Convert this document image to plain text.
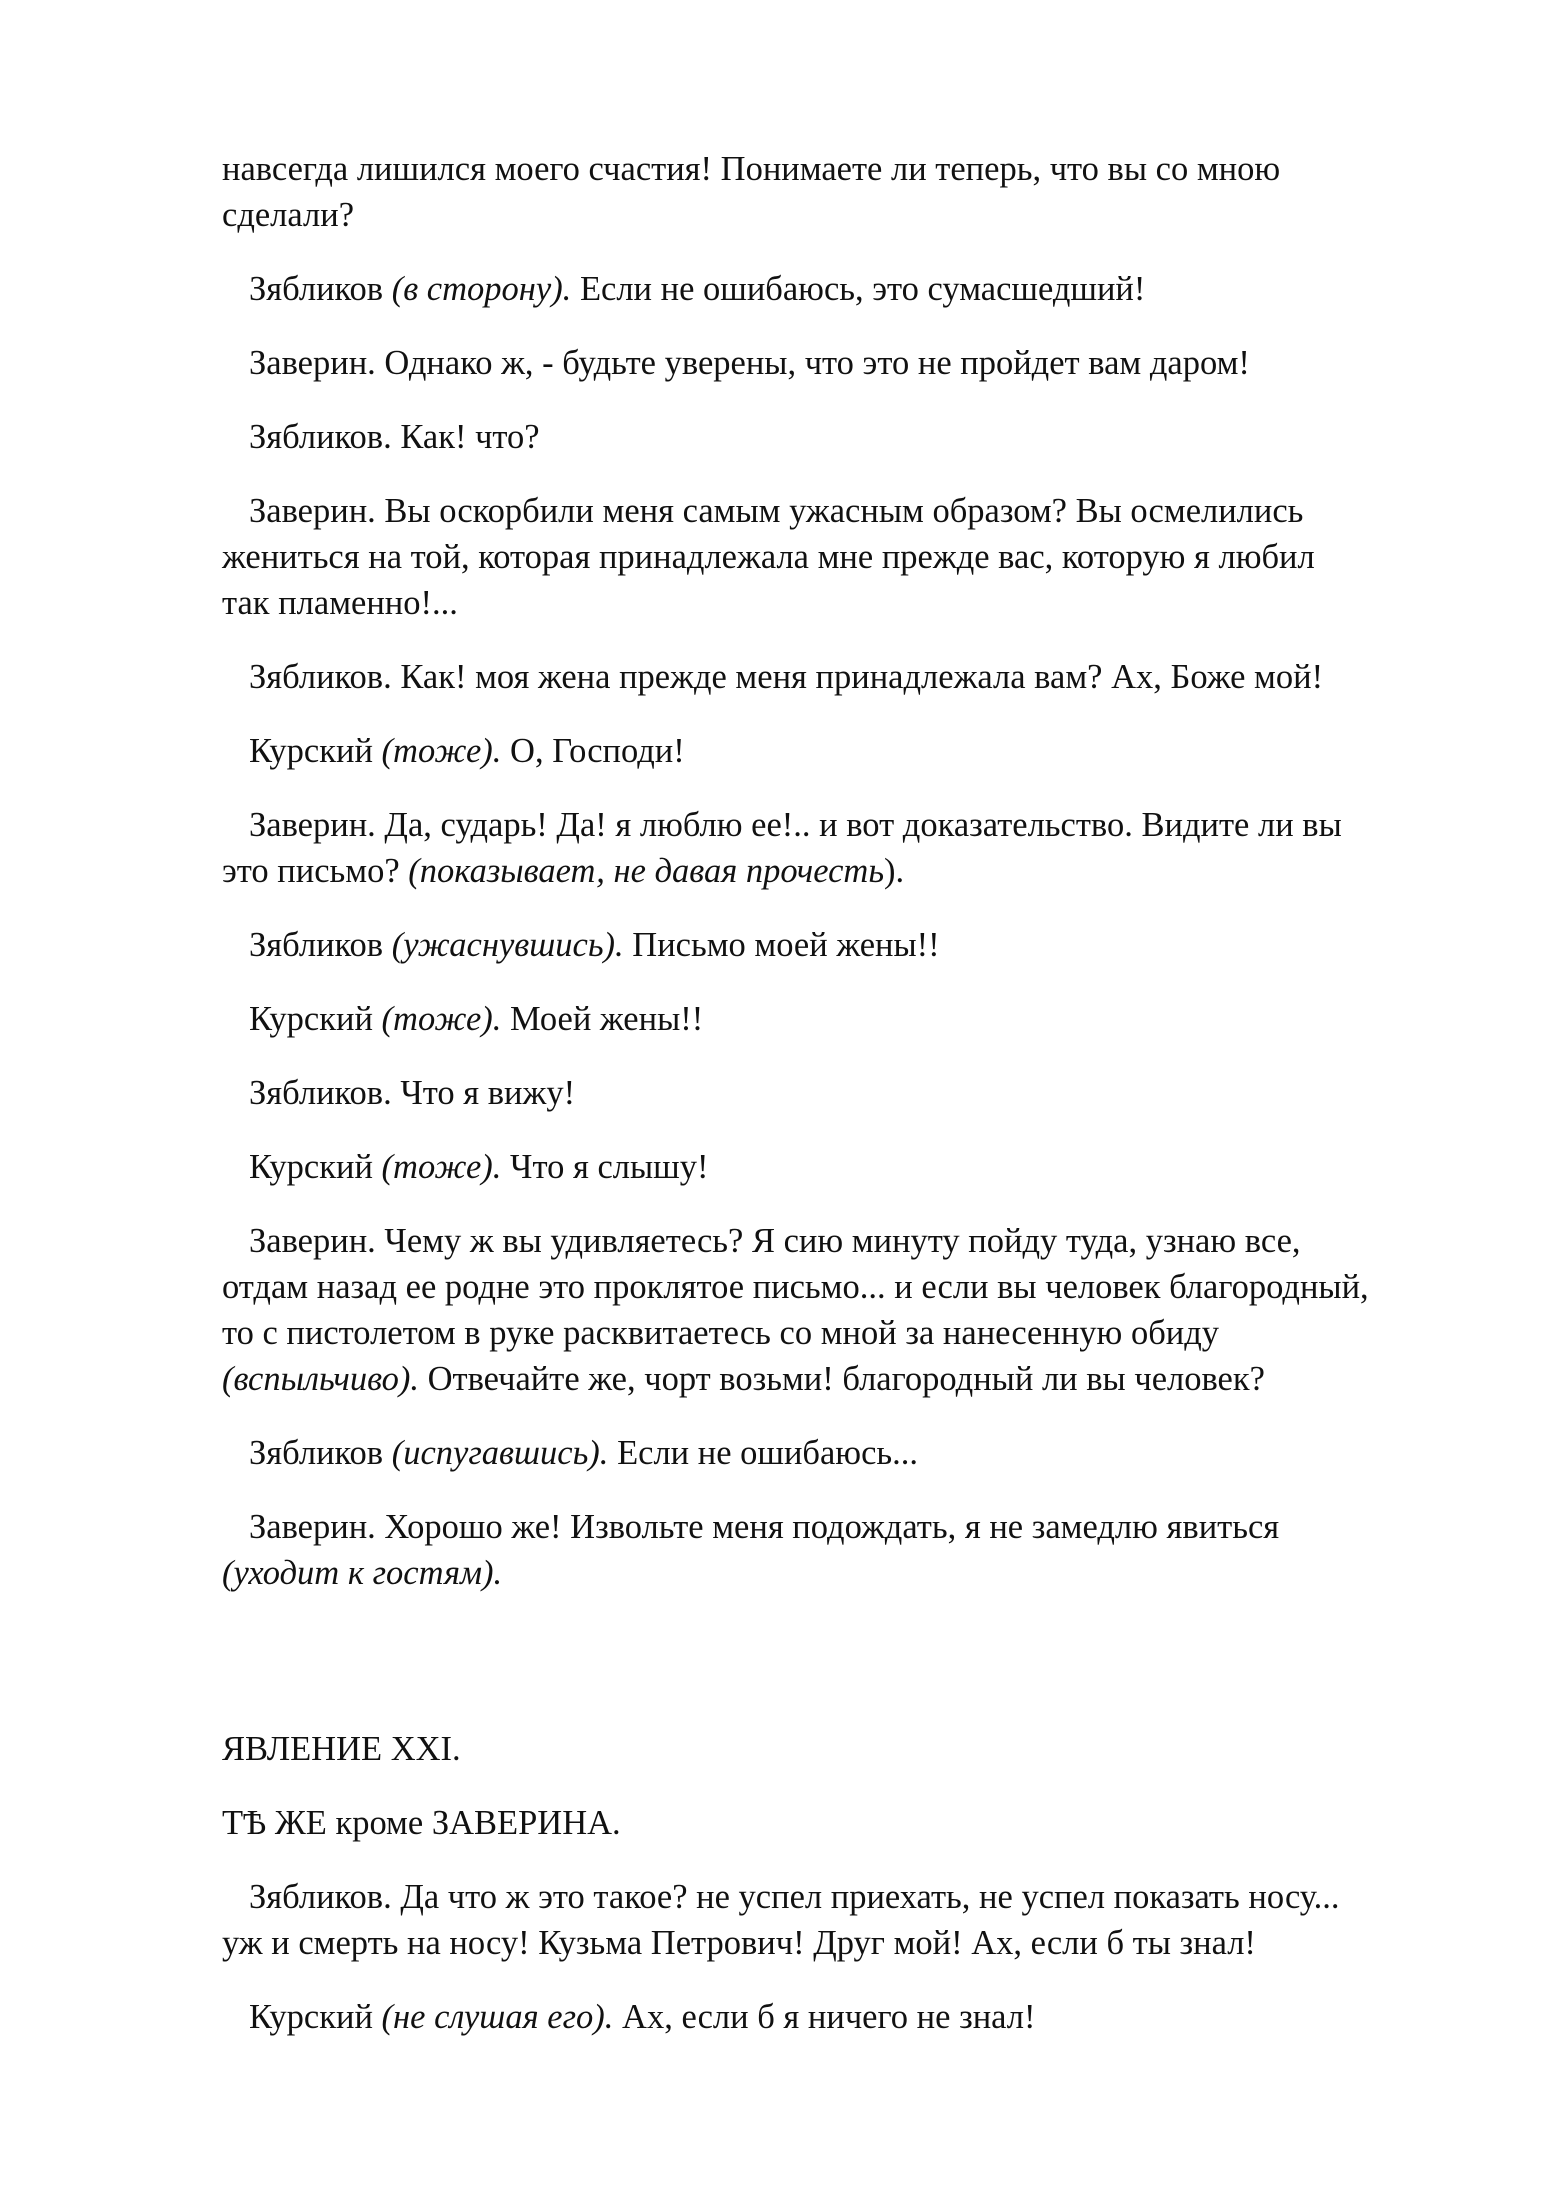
навсегда лишился моего счастия! Понимаете ли теперь, что вы со мною
сделали?

Зябликов (в сторону). Если не ошибаюсь, это сумасшедший!

Заверин. Однако ж, - будьте уверены, что это не пройдет вам даром!

Зябликов. Как! что?

Заверин. Вы оскорбили меня самым ужасным образом? Вы осмелились
жениться на той, которая принадлежала мне прежде вас, которую я любил
так пламенно!...

Зябликов. Как! моя жена прежде меня принадлежала вам? Ах, Боже мой!

Курский (тоже). О, Господи!

Заверин. Да, сударь! Да! я люблю ее!.. и вот доказательство. Видите ли вы
это письмо? (показывает, не давая прочесть).

Зябликов (ужаснувшись). Письмо моей жены!!

Курский (тоже). Моей жены!!

Зябликов. Что я вижу!

Курский (тоже). Что я слышу!

Заверин. Чему ж вы удивляетесь? Я сию минуту пойду туда, узнаю все,
отдам назад ее родне это проклятое письмо... и если вы человек благородный,
то с пистолетом в руке расквитаетесь со мной за нанесенную обиду
(вспыльчиво). Отвечайте же, чорт возьми! благородный ли вы человек?

Зябликов (испугавшись). Если не ошибаюсь...

Заверин. Хорошо же! Извольте меня подождать, я не замедлю явиться
(уходит к гостям).

ЯВЛЕНИЕ XXI.

ТѢ ЖЕ кроме ЗАВЕРИНА.

Зябликов. Да что ж это такое? не успел приехать, не успел показать носу...
уж и смерть на носу! Кузьма Петрович! Друг мой! Ах, если б ты знал!

Курский (не слушая его). Ах, если б я ничего не знал!
